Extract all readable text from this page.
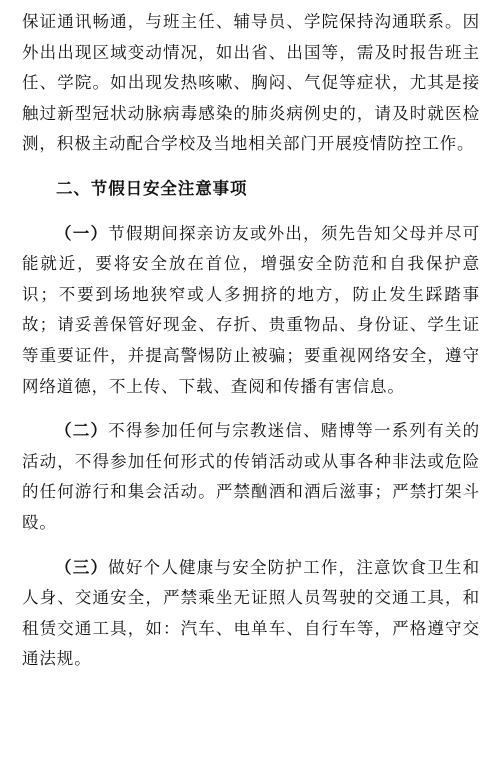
保证通讯畅通，与班主任、辅导员、学院保持沟通联系。因外出出现区域变动情况，如出省、出国等，需及时报告班主任、学院。如出现发热咳嗽、胸闷、气促等症状，尤其是接触过新型冠状动脉病毒感染的肺炎病例史的，请及时就医检测，积极主动配合学校及当地相关部门开展疫情防控工作。

二、节假日安全注意事项

（一）节假期间探亲访友或外出，须先告知父母并尽可能就近，要将安全放在首位，增强安全防范和自我保护意识；不要到场地狭窄或人多拥挤的地方，防止发生踩踏事故；请妥善保管好现金、存折、贵重物品、身份证、学生证等重要证件，并提高警惕防止被骗；要重视网络安全，遵守网络道德，不上传、下载、查阅和传播有害信息。

（二）不得参加任何与宗教迷信、赌博等一系列有关的活动，不得参加任何形式的传销活动或从事各种非法或危险的任何游行和集会活动。严禁酗酒和酒后滋事；严禁打架斗殴。

（三）做好个人健康与安全防护工作，注意饮食卫生和人身、交通安全，严禁乘坐无证照人员驾驶的交通工具，和租赁交通工具，如：汽车、电单车、自行车等，严格遵守交通法规。
